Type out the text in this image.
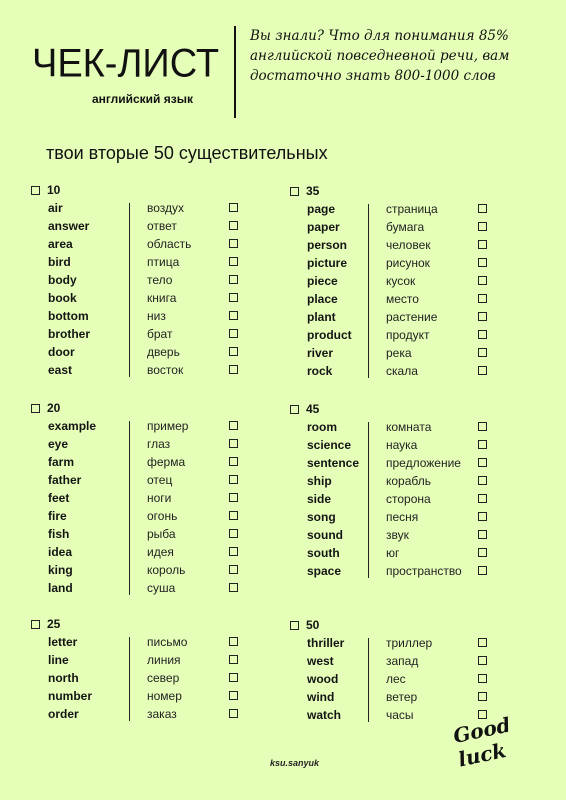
ЧЕК-ЛИСТ
английский язык
Вы знали? Что для понимания 85% английской повседневной речи, вам достаточно знать 800-1000 слов
твои вторые 50 существительных
10
air	воздух
answer	ответ
area	область
bird	птица
body	тело
book	книга
bottom	низ
brother	брат
door	дверь
east	восток
20
example	пример
eye	глаз
farm	ферма
father	отец
feet	ноги
fire	огонь
fish	рыба
idea	идея
king	король
land	суша
25
letter	письмо
line	линия
north	север
number	номер
order	заказ
35
page	страница
paper	бумага
person	человек
picture	рисунок
piece	кусок
place	место
plant	растение
product	продукт
river	река
rock	скала
45
room	комната
science	наука
sentence предложение
ship	корабль
side	сторона
song	песня
sound	звук
south	юг
space	пространство
50
thriller	триллер
west	запад
wood	лес
wind	ветер
watch	часы
ksu.sanyuk
Good luck
